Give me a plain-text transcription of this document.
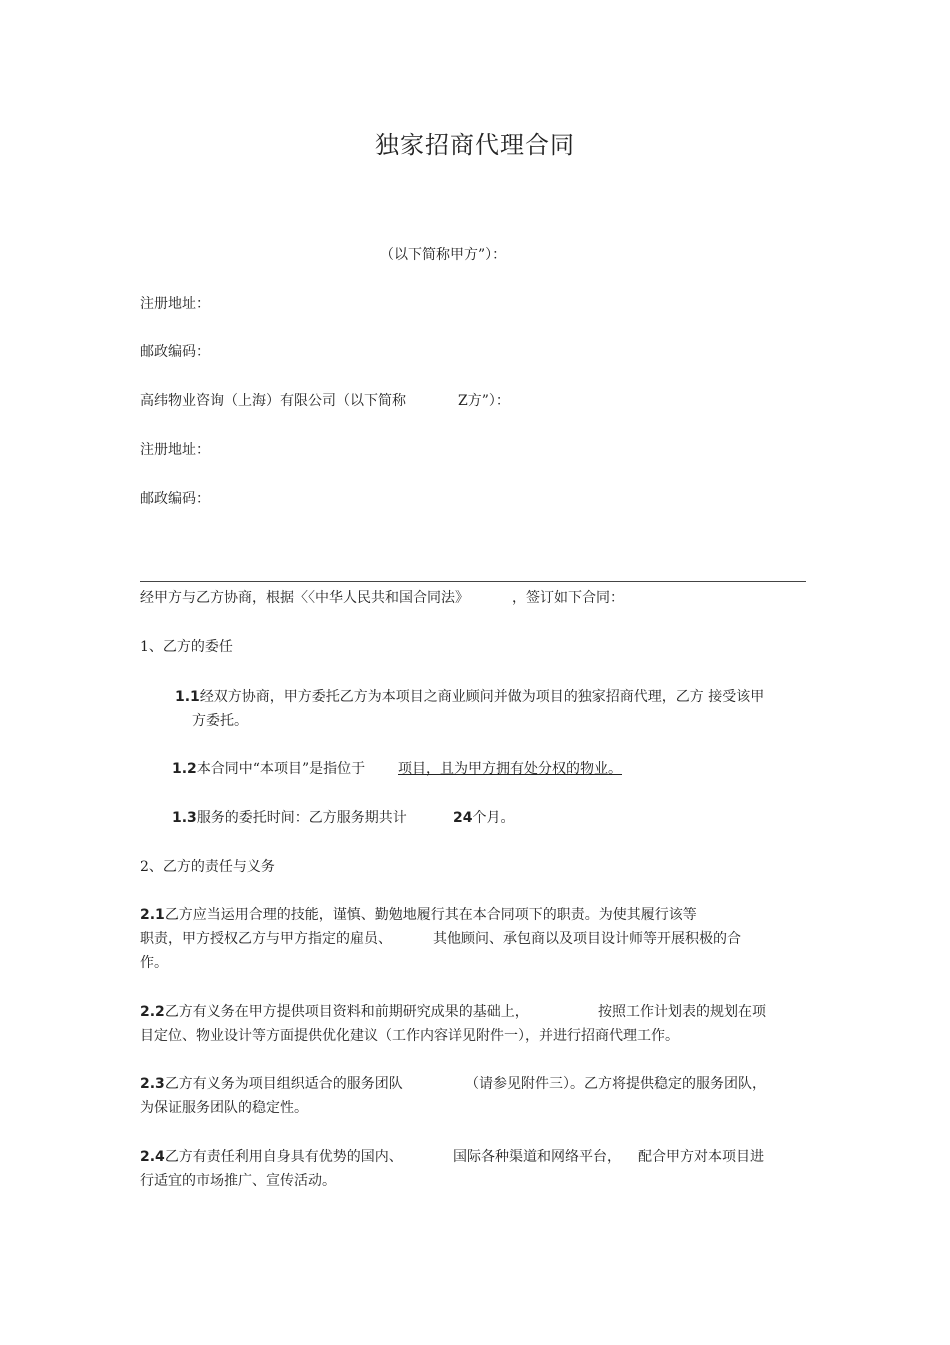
独家招商代理合同
（以下简称甲方”）：
注册地址：
邮政编码：
高纬物业咨询（上海）有限公司（以下简称	Z方”）：
注册地址：
邮政编码：
经甲方与乙方协商，根据〈〈中华人民共和国合同法》	，签订如下合同：
1、乙方的委任
1.1经双方协商，甲方委托乙方为本项目之商业顾问并做为项目的独家招商代理，乙方 接受该甲
方委托。
1.2本合同中“本项目”是指位于 项目，且为甲方拥有处分权的物业。
1.3服务的委托时间：乙方服务期共计	24个月。
2、乙方的责任与义务
2.1乙方应当运用合理的技能，谨慎、勤勉地履行其在本合同项下的职责。为使其履行该等
职责，甲方授权乙方与甲方指定的雇员、	其他顾问、承包商以及项目设计师等开展积极的合
作。
2.2乙方有义务在甲方提供项目资料和前期研究成果的基础上，	按照工作计划表的规划在项
目定位、物业设计等方面提供优化建议（工作内容详见附件一），并进行招商代理工作。
2.3乙方有义务为项目组织适合的服务团队	（请参见附件三）。乙方将提供稳定的服务团队，
为保证服务团队的稳定性。
2.4乙方有责任利用自身具有优势的国内、	国际各种渠道和网络平台， 配合甲方对本项目进
行适宜的市场推广、宣传活动。
